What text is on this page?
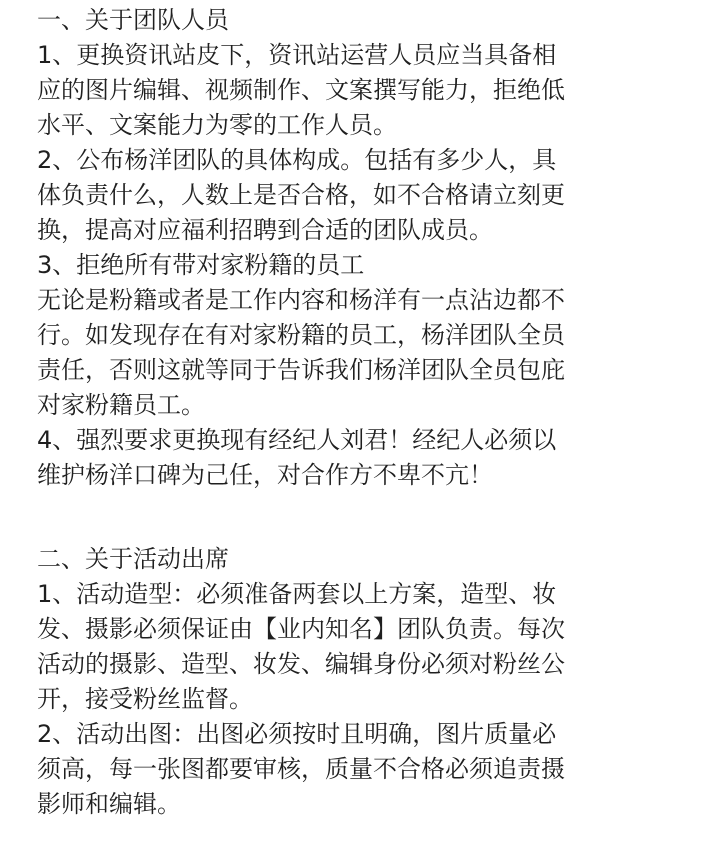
一、关于团队人员
1、更换资讯站皮下，资讯站运营人员应当具备相
应的图片编辑、视频制作、文案撰写能力，拒绝低
水平、文案能力为零的工作人员。
2、公布杨洋团队的具体构成。包括有多少人，具
体负责什么，人数上是否合格，如不合格请立刻更
换，提高对应福利招聘到合适的团队成员。
3、拒绝所有带对家粉籍的员工
无论是粉籍或者是工作内容和杨洋有一点沾边都不
行。如发现存在有对家粉籍的员工，杨洋团队全员
责任，否则这就等同于告诉我们杨洋团队全员包庇
对家粉籍员工。
4、强烈要求更换现有经纪人刘君！经纪人必须以
维护杨洋口碑为己任，对合作方不卑不亢！
二、关于活动出席
1、活动造型：必须准备两套以上方案，造型、妆
发、摄影必须保证由【业内知名】团队负责。每次
活动的摄影、造型、妆发、编辑身份必须对粉丝公
开，接受粉丝监督。
2、活动出图：出图必须按时且明确，图片质量必
须高，每一张图都要审核，质量不合格必须追责摄
影师和编辑。
